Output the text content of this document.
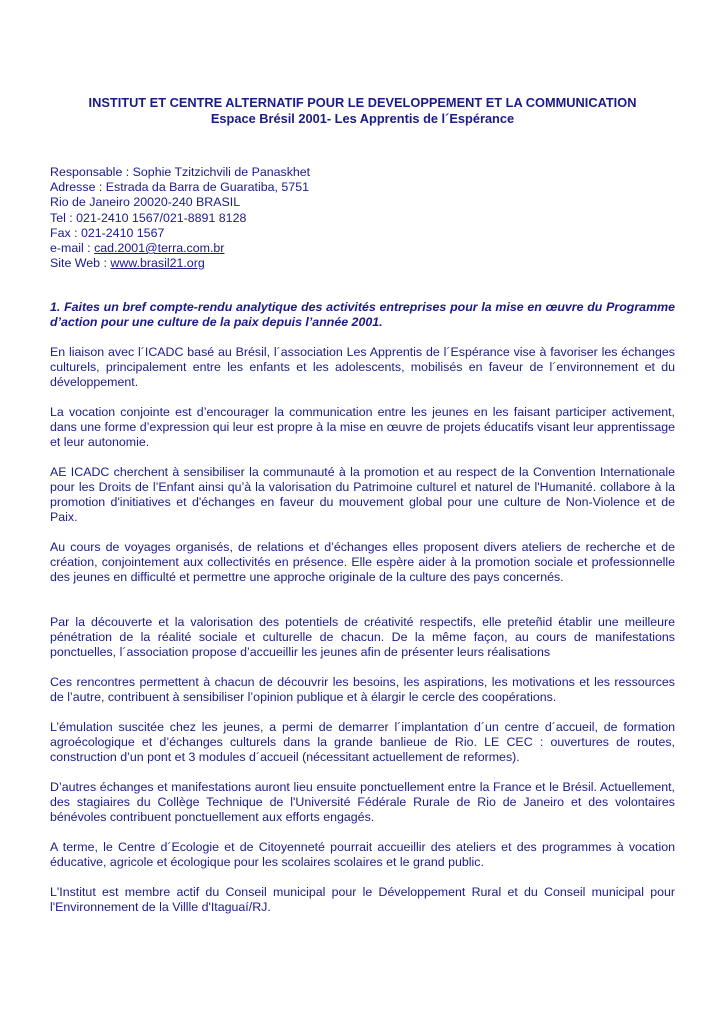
INSTITUT ET CENTRE ALTERNATIF POUR LE DEVELOPPEMENT ET LA COMMUNICATION
Espace Brésil 2001- Les Apprentis de l´Espérance
Responsable : Sophie Tzitzichvili de Panaskhet
Adresse : Estrada da Barra de Guaratiba, 5751
Rio de Janeiro 20020-240 BRASIL
Tel : 021-2410 1567/021-8891 8128
Fax : 021-2410 1567
e-mail : cad.2001@terra.com.br
Site Web : www.brasil21.org
1. Faites un bref compte-rendu analytique des activités entreprises pour la mise en œuvre du Programme d’action pour une culture de la paix depuis l’année 2001.
En liaison avec l´ICADC basé au Brésil, l´association Les Apprentis de l´Espérance vise à favoriser les échanges culturels, principalement entre les enfants et les adolescents, mobilisés en faveur de l´environnement et du développement.
La vocation conjointe est d’encourager la communication entre les jeunes en les faisant participer activement, dans une forme d’expression qui leur est propre à la mise en œuvre de projets éducatifs visant leur apprentissage et leur autonomie.
AE ICADC cherchent à sensibiliser la communauté à la promotion et au respect de la Convention Internationale pour les Droits de l’Enfant ainsi qu’à la valorisation du Patrimoine culturel et naturel de l'Humanité. collabore à la promotion d'initiatives et d'échanges en faveur du mouvement global pour une culture de Non-Violence et de Paix.
Au cours de voyages organisés, de relations et d’échanges elles proposent divers ateliers de recherche et de création, conjointement aux collectivités en présence. Elle espère aider à la promotion sociale et professionnelle des jeunes en difficulté et permettre une approche originale de la culture des pays concernés.
Par la découverte et la valorisation des potentiels de créativité respectifs, elle preteñid établir une meilleure pénétration de la réalité sociale et culturelle de chacun. De la même façon, au cours de manifestations ponctuelles, l´association propose d’accueillir les jeunes afin de présenter leurs réalisations
Ces rencontres permettent à chacun de découvrir les besoins, les aspirations, les motivations et les ressources de l’autre, contribuent à sensibiliser l’opinion publique et à élargir le cercle des coopérations.
L’émulation suscitée chez les jeunes, a permi de demarrer l´implantation d´un centre d´accueil, de formation agroécologique et d’échanges culturels dans la grande banlieue de Rio. LE CEC : ouvertures de routes, construction d’un pont et 3 modules d´accueil (nécessitant actuellement de reformes).
D’autres échanges et manifestations auront lieu ensuite ponctuellement entre la France et le Brésil. Actuellement, des stagiaires du Collège Technique de l'Université Fédérale Rurale de Rio de Janeiro et des volontaires bénévoles contribuent ponctuellement aux efforts engagés.
A terme, le Centre d´Ecologie et de Citoyenneté pourrait accueillir des ateliers et des programmes à vocation éducative, agricole et écologique pour les scolaires scolaires et le grand public.
L'Institut est membre actif du Conseil municipal pour le Développement Rural et du Conseil municipal pour l'Environnement de la Villle d'Itaguaí/RJ.
